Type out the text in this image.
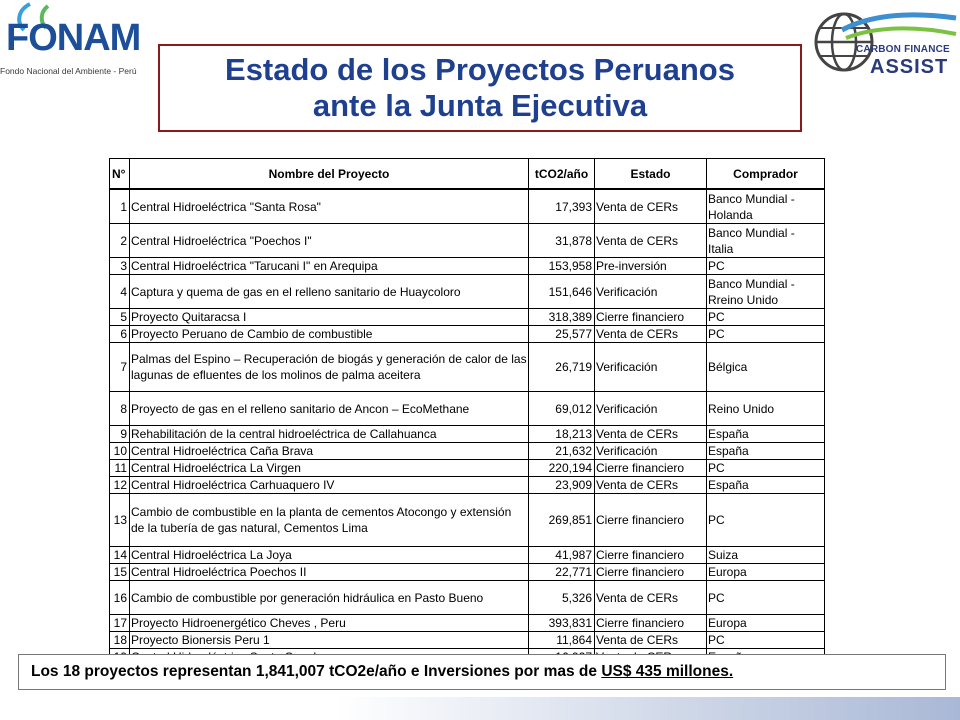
FONAM
Fondo Nacional del Ambiente - Perú	Estado de los Proyectos Peruanos
ante la Junta Ejecutiva
CARBON FINANCE
ASSIST
N°	Nombre del Proyecto	tCO2/año	Estado	Comprador
1	Central Hidroeléctrica "Santa Rosa"	17,393	Venta de CERs	Banco Mundial - Holanda
2	Central Hidroeléctrica "Poechos I"	31,878	Venta de CERs	Banco Mundial - Italia
3	Central Hidroeléctrica "Tarucani I" en Arequipa	153,958	Pre-inversión	PC
4	Captura y quema de gas en el relleno sanitario de Huaycoloro	151,646	Verificación	Banco Mundial - Rreino Unido
5	Proyecto Quitaracsa I	318,389	Cierre financiero	PC
6	Proyecto Peruano de Cambio de combustible	25,577	Venta de CERs	PC
7	Palmas del Espino – Recuperación de biogás y generación de calor de las lagunas de efluentes de los molinos de palma aceitera	26,719	Verificación	Bélgica
8	Proyecto de gas en el relleno sanitario de Ancon – EcoMethane	69,012	Verificación	Reino Unido
9	Rehabilitación de la central hidroeléctrica de Callahuanca	18,213	Venta de CERs	España
10	Central Hidroeléctrica Caña Brava	21,632	Verificación	España
11	Central Hidroeléctrica La Virgen	220,194	Cierre financiero	PC
12	Central Hidroeléctrica Carhuaquero IV	23,909	Venta de CERs	España
13	Cambio de combustible en la planta de cementos Atocongo y extensión de la tubería de gas natural, Cementos Lima	269,851	Cierre financiero	PC
14	Central Hidroeléctrica La Joya	41,987	Cierre financiero	Suiza
15	Central Hidroeléctrica Poechos II	22,771	Cierre financiero	Europa
16	Cambio de combustible por generación hidráulica en Pasto Bueno	5,326	Venta de CERs	PC
17	Proyecto Hidroenergético Cheves , Peru	393,831	Cierre financiero	Europa
18	Proyecto Bionersis Peru 1	11,864	Venta de CERs	PC

Los 18 proyectos representan 1,841,007 tCO2e/año e Inversiones por mas de US$ 435 millones.
